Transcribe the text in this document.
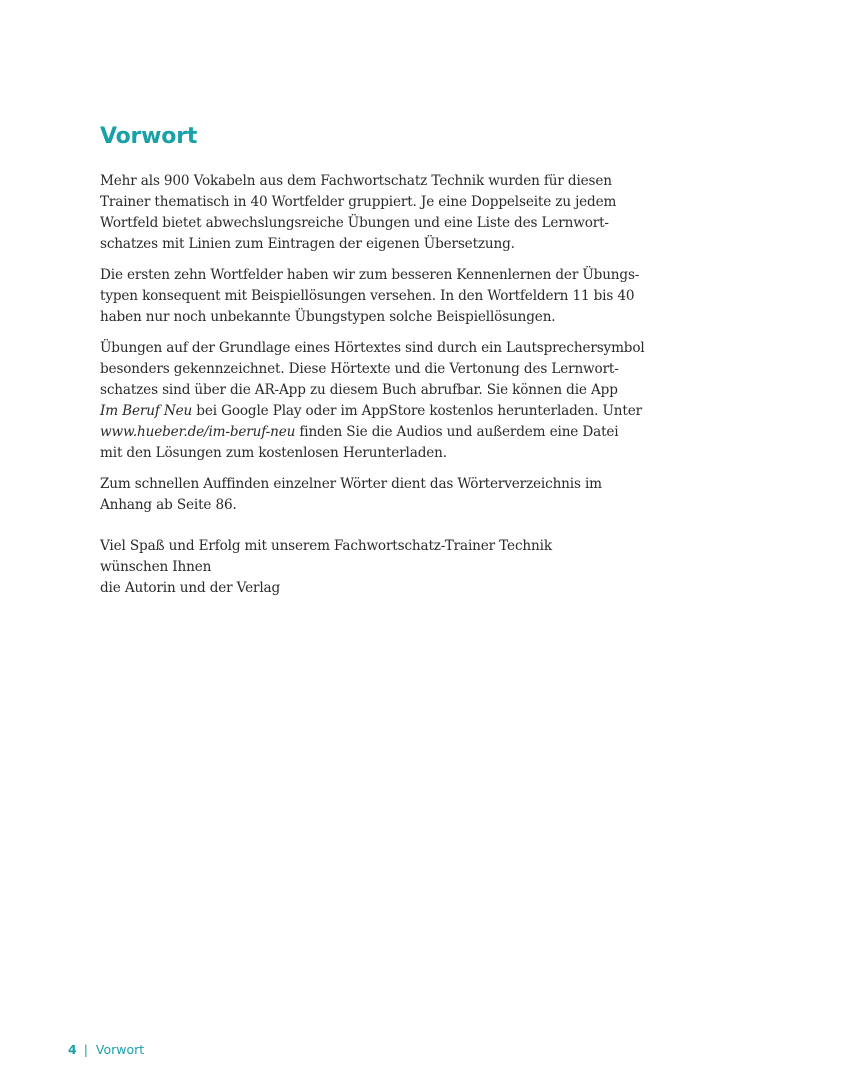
Vorwort

Mehr als 900 Vokabeln aus dem Fachwortschatz Technik wurden für diesen
Trainer thematisch in 40 Wortfelder gruppiert. Je eine Doppelseite zu jedem
Wortfeld bietet abwechslungsreiche Übungen und eine Liste des Lernwort-
schatzes mit Linien zum Eintragen der eigenen Übersetzung.

Die ersten zehn Wortfelder haben wir zum besseren Kennenlernen der Übungs-
typen konsequent mit Beispiellösungen versehen. In den Wortfeldern 11 bis 40
haben nur noch unbekannte Übungstypen solche Beispiellösungen.

Übungen auf der Grundlage eines Hörtextes sind durch ein Lautsprechersymbol
besonders gekennzeichnet. Diese Hörtexte und die Vertonung des Lernwort-
schatzes sind über die AR-App zu diesem Buch abrufbar. Sie können die App
Im Beruf Neu bei Google Play oder im AppStore kostenlos herunterladen. Unter
www.hueber.de/im-beruf-neu finden Sie die Audios und außerdem eine Datei
mit den Lösungen zum kostenlosen Herunterladen.

Zum schnellen Auffinden einzelner Wörter dient das Wörterverzeichnis im
Anhang ab Seite 86.

Viel Spaß und Erfolg mit unserem Fachwortschatz-Trainer Technik
wünschen Ihnen
die Autorin und der Verlag

4 | Vorwort
